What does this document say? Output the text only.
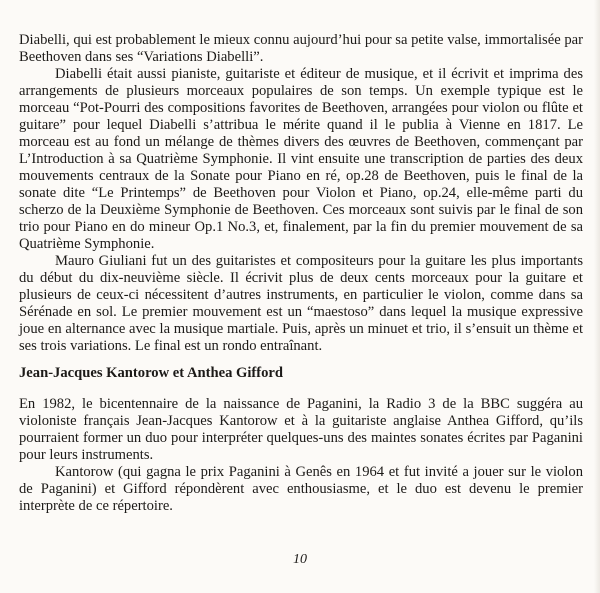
Diabelli, qui est probablement le mieux connu aujourd’hui pour sa petite valse, immortalisée par Beethoven dans ses “Variations Diabelli”.

Diabelli était aussi pianiste, guitariste et éditeur de musique, et il écrivit et imprima des arrangements de plusieurs morceaux populaires de son temps. Un exemple typique est le morceau “Pot-Pourri des compositions favorites de Beethoven, arrangées pour violon ou flûte et guitare” pour lequel Diabelli s’attribua le mérite quand il le publia à Vienne en 1817. Le morceau est au fond un mélange de thèmes divers des œuvres de Beethoven, commençant par L’Introduction à sa Quatrième Symphonie. Il vint ensuite une transcription de parties des deux mouvements centraux de la Sonate pour Piano en ré, op.28 de Beethoven, puis le final de la sonate dite “Le Printemps” de Beethoven pour Violon et Piano, op.24, elle-même parti du scherzo de la Deuxième Symphonie de Beethoven. Ces morceaux sont suivis par le final de son trio pour Piano en do mineur Op.1 No.3, et, finalement, par la fin du premier mouvement de sa Quatrième Symphonie.

Mauro Giuliani fut un des guitaristes et compositeurs pour la guitare les plus importants du début du dix-neuvième siècle. Il écrivit plus de deux cents morceaux pour la guitare et plusieurs de ceux-ci nécessitent d’autres instruments, en particulier le violon, comme dans sa Sérénade en sol. Le premier mouvement est un “maestoso” dans lequel la musique expressive joue en alternance avec la musique martiale. Puis, après un minuet et trio, il s’ensuit un thème et ses trois variations. Le final est un rondo entraînant.

Jean-Jacques Kantorow et Anthea Gifford

En 1982, le bicentennaire de la naissance de Paganini, la Radio 3 de la BBC suggéra au violoniste français Jean-Jacques Kantorow et à la guitariste anglaise Anthea Gifford, qu’ils pourraient former un duo pour interpréter quelques-uns des maintes sonates écrites par Paganini pour leurs instruments.

Kantorow (qui gagna le prix Paganini à Genês en 1964 et fut invité a jouer sur le violon de Paganini) et Gifford répondèrent avec enthousiasme, et le duo est devenu le premier interprète de ce répertoire.

10
